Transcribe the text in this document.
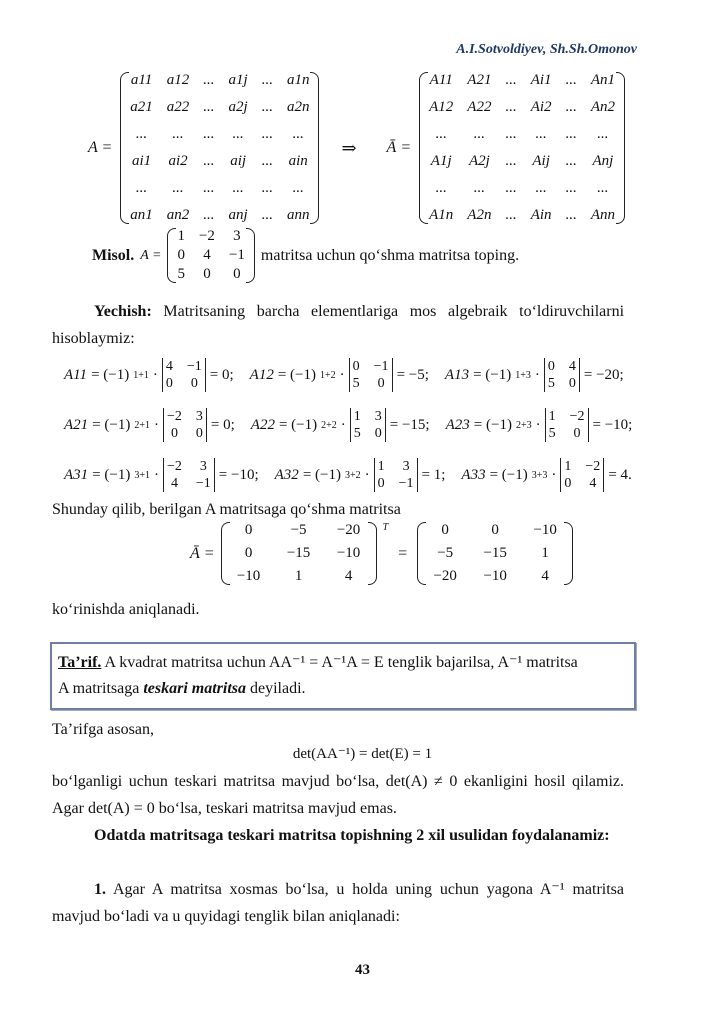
A.I.Sotvoldiyev, Sh.Sh.Omonov
A =
a11 a12 ... a1j ... a1n
a21 a22 ... a2j ... a2n
...	...	... ... ...	...
ai1 ai2 ... aij ... ain
...	...	... ... ...	...
an1 an2 ... anj ... ann
⇒ Ā =
A11 A21 ... Ai1 ... An1
A12 A22 ... Ai2 ... An2
...	...	...	...	...	...
A1j A2j ... Aij ... Anj
...	...	...	...	...	...
A1n A2n ... Ain ... Ann
Misol. A =
1 −2 3
0 4 −1
5 0 0
matritsa uchun qo‘shma matritsa toping.
Yechish: Matritsaning barcha elementlariga mos algebraik to‘ldiruvchilarni hisoblaymiz:
A11 = (−1) 1+1 · 4 −1
0 0
= 0; A12 = (−1) 1+2 · 0 −1
5 0
= −5; A13 = (−1) 1+3 · 0 4
5 0
= −20;
A21 = (−1) 2+1 · −2 3
0 0
= 0; A22 = (−1) 2+2 · 1 3
5 0
= −15; A23 = (−1) 2+3 · 1 −2
5 0
= −10;
A31 = (−1) 3+1 · −2 3
4 −1
= −10; A32 = (−1) 3+2 · 1 3
0 −1
= 1; A33 = (−1) 3+3 · 1 −2
0 4
= 4.
Shunday qilib, berilgan A matritsaga qo‘shma matritsa
Ā =
0	−5	−20
0	−15	−10
−10	1	4
$^T$
=
0	0	−10
−5	−15	1
−20	−10	4
ko‘rinishda aniqlanadi.
Ta’rif. A kvadrat matritsa uchun AA⁻¹ = A⁻¹A = E tenglik bajarilsa, A⁻¹ matritsa
A matritsaga teskari matritsa deyiladi.
Ta’rifga asosan,
det(AA⁻¹) = det(E) = 1
bo‘lganligi uchun teskari matritsa mavjud bo‘lsa, det(A) ≠ 0 ekanligini hosil qilamiz. Agar det(A) = 0 bo‘lsa, teskari matritsa mavjud emas.
Odatda matritsaga teskari matritsa topishning 2 xil usulidan foydalanamiz:
1. Agar A matritsa xosmas bo‘lsa, u holda uning uchun yagona A⁻¹ matritsa mavjud bo‘ladi va u quyidagi tenglik bilan aniqlanadi:
43
